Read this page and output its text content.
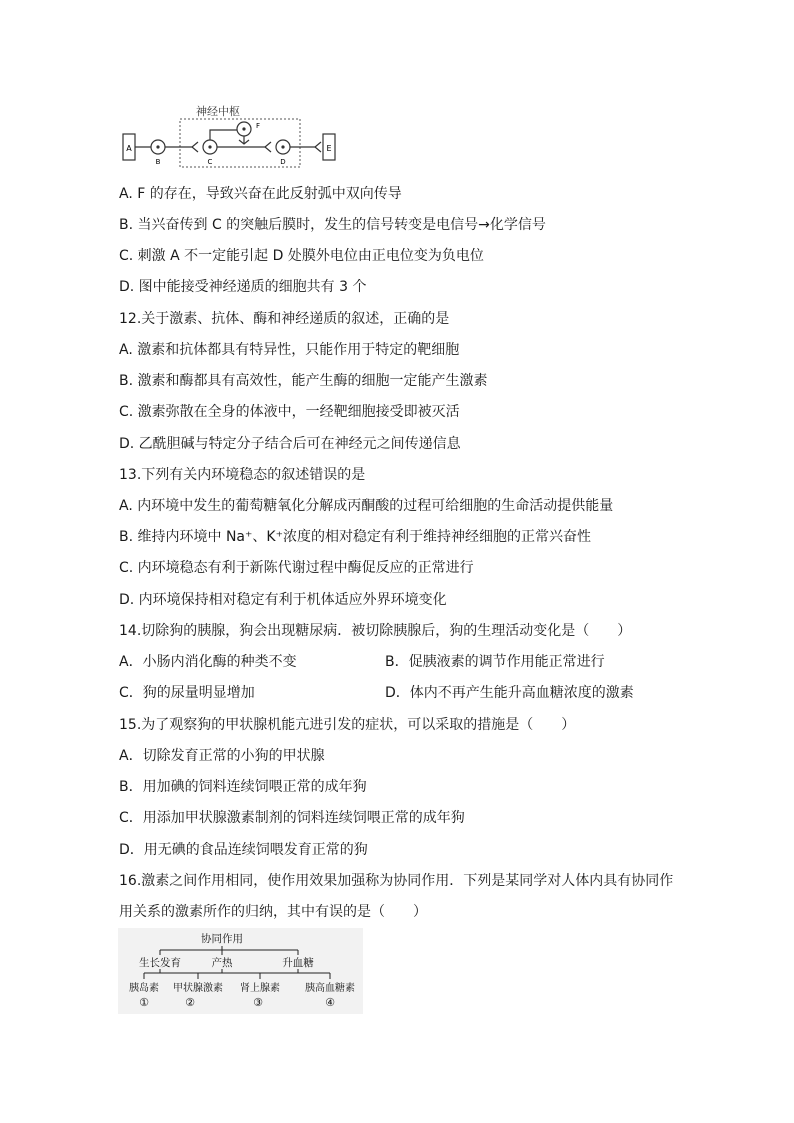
神经中枢
A	E
B	C	D
F
A. F 的存在，导致兴奋在此反射弧中双向传导
B. 当兴奋传到 C 的突触后膜时，发生的信号转变是电信号→化学信号
C. 刺激 A 不一定能引起 D 处膜外电位由正电位变为负电位
D. 图中能接受神经递质的细胞共有 3 个
12.关于激素、抗体、酶和神经递质的叙述，正确的是
A. 激素和抗体都具有特异性，只能作用于特定的靶细胞
B. 激素和酶都具有高效性，能产生酶的细胞一定能产生激素
C. 激素弥散在全身的体液中，一经靶细胞接受即被灭活
D. 乙酰胆碱与特定分子结合后可在神经元之间传递信息
13.下列有关内环境稳态的叙述错误的是
A. 内环境中发生的葡萄糖氧化分解成丙酮酸的过程可给细胞的生命活动提供能量
B. 维持内环境中 Na⁺、K⁺浓度的相对稳定有利于维持神经细胞的正常兴奋性
C. 内环境稳态有利于新陈代谢过程中酶促反应的正常进行
D. 内环境保持相对稳定有利于机体适应外界环境变化
14.切除狗的胰腺，狗会出现糖尿病．被切除胰腺后，狗的生理活动变化是（　　）
A．小肠内消化酶的种类不变	B．促胰液素的调节作用能正常进行
C．狗的尿量明显增加	D．体内不再产生能升高血糖浓度的激素
15.为了观察狗的甲状腺机能亢进引发的症状，可以采取的措施是（　　）
A．切除发育正常的小狗的甲状腺
B．用加碘的饲料连续饲喂正常的成年狗
C．用添加甲状腺激素制剂的饲料连续饲喂正常的成年狗
D．用无碘的食品连续饲喂发育正常的狗
16.激素之间作用相同，使作用效果加强称为协同作用．下列是某同学对人体内具有协同作
用关系的激素所作的归纳，其中有误的是（　　）
协同作用
生长发育	产热	升血糖
胰岛素 甲状腺激素 肾上腺素	胰高血糖素
①	②	③	④
